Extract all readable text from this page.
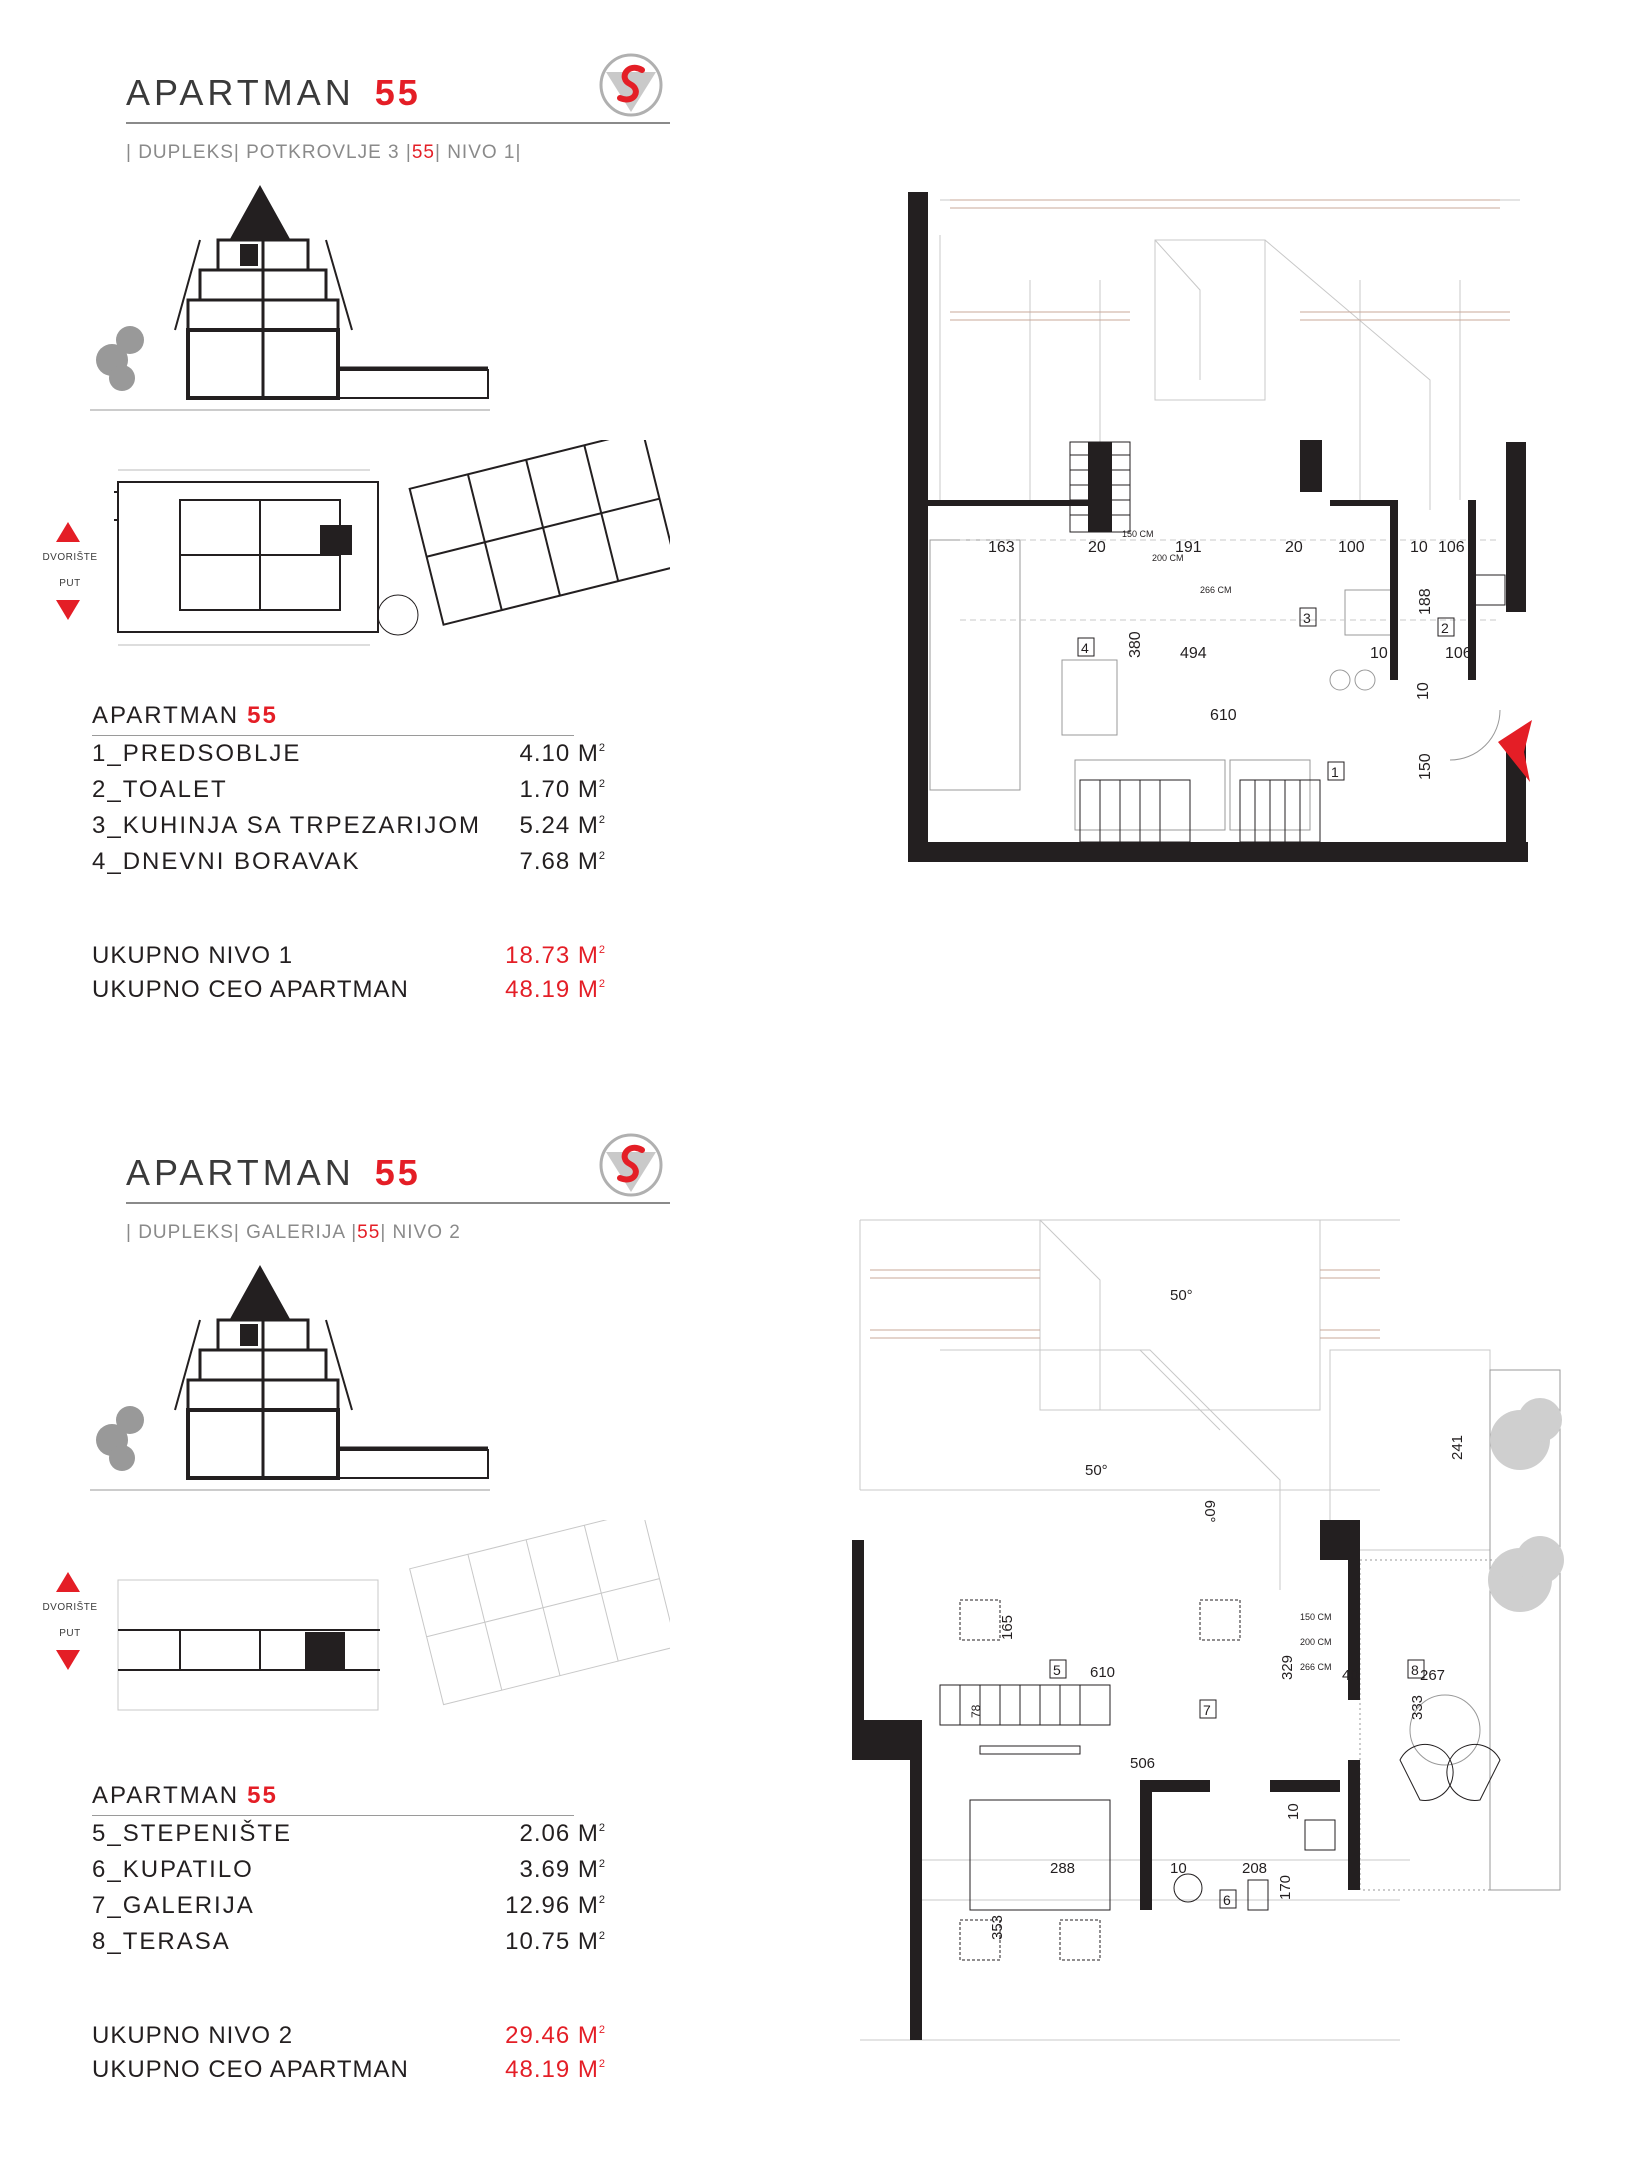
APARTMAN 55
| DUPLEKS| POTKROVLJE 3 |55| NIVO 1|
DVORIŠTE
PUT
APARTMAN 55
1_PREDSOBLJE	4.10 $M^2$
2_TOALET	1.70 $M^2$
3_KUHINJA SA TRPEZARIJOM 5.24 $M^2$
4_DNEVNI BORAVAK	7.68 $M^2$
UKUPNO NIVO 1	18.73 $M^2$
UKUPNO CEO APARTMAN	48.19 $M^2$
163	20	191	20 100	10 106
188
380 494
610
10	106
10
150
150 CM
200 CM
266 CM
4
3
2
1
APARTMAN 55
| DUPLEKS| GALERIJA |55| NIVO 2
DVORIŠTE
PUT
APARTMAN 55
5_STEPENIŠTE	2.06 $M^2$
6_KUPATILO	3.69 $M^2$
7_GALERIJA	12.96 $M^2$
8_TERASA	10.75 $M^2$
UKUPNO NIVO 2	29.46 $M^2$
UKUPNO CEO APARTMAN	48.19 $M^2$
50°
50°
60°
165
610	329	40	267
333
241
506
353
288	10
10
208
170
78
150 CM
200 CM
266 CM
5
7
8
6
